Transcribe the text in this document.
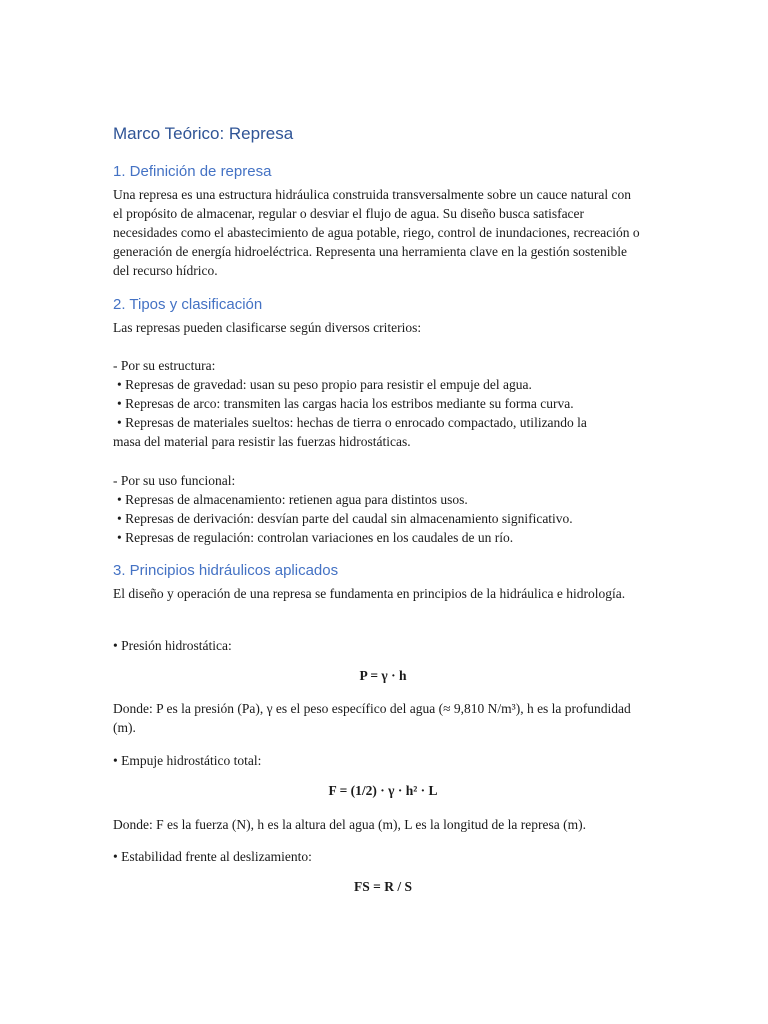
Marco Teórico: Represa
1. Definición de represa

Una represa es una estructura hidráulica construida transversalmente sobre un cauce natural con el propósito de almacenar, regular o desviar el flujo de agua. Su diseño busca satisfacer necesidades como el abastecimiento de agua potable, riego, control de inundaciones, recreación o generación de energía hidroeléctrica. Representa una herramienta clave en la gestión sostenible del recurso hídrico.

2. Tipos y clasificación
Las represas pueden clasificarse según diversos criterios:
- Por su estructura:
• Represas de gravedad: usan su peso propio para resistir el empuje del agua.
• Represas de arco: transmiten las cargas hacia los estribos mediante su forma curva.
• Represas de materiales sueltos: hechas de tierra o enrocado compactado, utilizando la
masa del material para resistir las fuerzas hidrostáticas.
- Por su uso funcional:
• Represas de almacenamiento: retienen agua para distintos usos.
• Represas de derivación: desvían parte del caudal sin almacenamiento significativo.
• Represas de regulación: controlan variaciones en los caudales de un río.
3. Principios hidráulicos aplicados

El diseño y operación de una represa se fundamenta en principios de la hidráulica e hidrología.

• Presión hidrostática:
P = γ · h

Donde: P es la presión (Pa), γ es el peso específico del agua (≈ 9,810 N/m³), h es la profundidad (m).

• Empuje hidrostático total:
F = (1/2) · γ · h² · L
Donde: F es la fuerza (N), h es la altura del agua (m), L es la longitud de la represa (m).
• Estabilidad frente al deslizamiento:
FS = R / S
